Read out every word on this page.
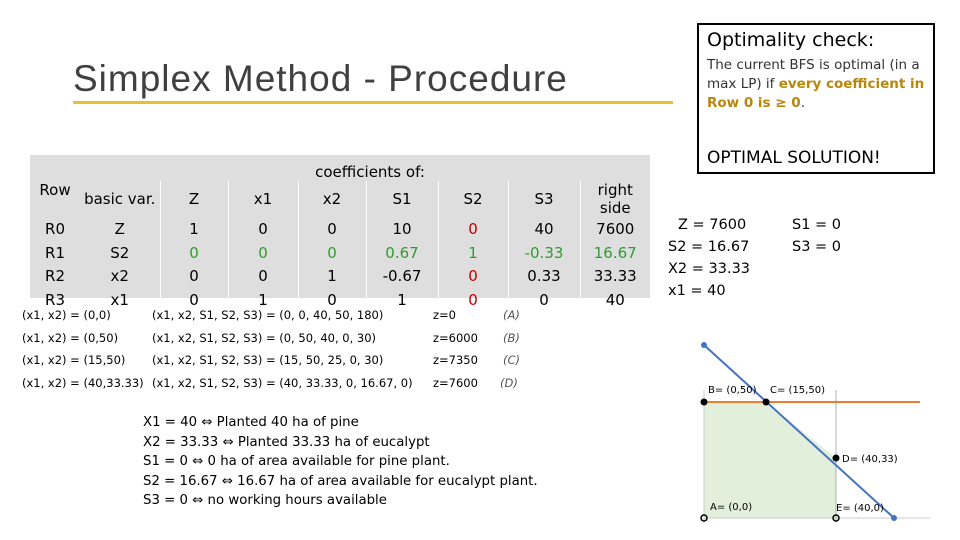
Simplex Method - Procedure
Optimality check:
The current BFS is optimal (in a max LP) if every coefficient in Row 0 is ≥ 0.
OPTIMAL SOLUTION!
		coefficients of:						
Row	basic var.	Z	x1	x2	S1	S2	S3	right side
R0	Z	1	0	0	10	0	40	7600
R1	S2	0	0	0	0.67	1	-0.33	16.67
R2	x2	0	0	1	-0.67	0	0.33	33.33
R3	x1	0	1	0	1	0	0	40
(x1, x2) = (0,0)	(x1, x2, S1, S2, S3) = (0, 0, 40, 50, 180)	z=0	(A)
(x1, x2) = (0,50)	(x1, x2, S1, S2, S3) = (0, 50, 40, 0, 30)	z=6000 (B)
(x1, x2) = (15,50) (x1, x2, S1, S2, S3) = (15, 50, 25, 0, 30)	z=7350 (C)
(x1, x2) = (40,33.33) (x1, x2, S1, S2, S3) = (40, 33.33, 0, 16.67, 0) z=7600 (D)
Z = 7600
S2 = 16.67
X2 = 33.33
x1 = 40
S1 = 0
S3 = 0
X1 = 40 ⇔ Planted 40 ha of pine
X2 = 33.33 ⇔ Planted 33.33 ha of eucalypt
S1 = 0 ⇔ 0 ha of area available for pine plant.
S2 = 16.67 ⇔ 16.67 ha of area available for eucalypt plant.
S3 = 0 ⇔ no working hours available
B= (0,50) C= (15,50)
D= (40,33)
A= (0,0)	E= (40,0)
